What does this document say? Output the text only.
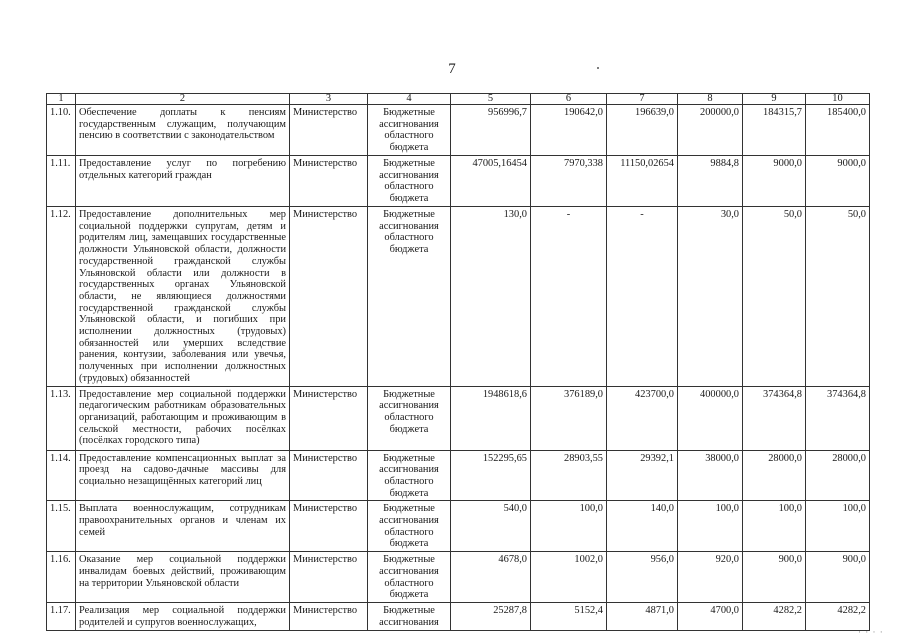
7
1	2	3	4	5	6	7	8	9	10
1.10.	Обеспечение доплаты к пенсиям государственным служащим, получающим пенсию в соответствии с законодательством	Министерство	Бюджетные ассигнования областного бюджета	956996,7	190642,0	196639,0	200000,0	184315,7	185400,0
1.11.	Предоставление услуг по погребению отдельных категорий граждан	Министерство	Бюджетные ассигнования областного бюджета	47005,16454	7970,338	11150,02654	9884,8	9000,0	9000,0
1.12.	Предоставление дополнительных мер социальной поддержки супругам, детям и родителям лиц, замещавших государственные должности Ульяновской области, должности государственной гражданской службы Ульяновской области или должности в государственных органах Ульяновской области, не являющиеся должностями государственной гражданской службы Ульяновской области, и погибших при исполнении должностных (трудовых) обязанностей или умерших вследствие ранения, контузии, заболевания или увечья, полученных при исполнении должностных (трудовых) обязанностей	Министерство	Бюджетные ассигнования областного бюджета	130,0	-	-	30,0	50,0	50,0
1.13.	Предоставление мер социальной поддержки педагогическим работникам образовательных организаций, работающим и проживающим в сельской местности, рабочих посёлках (посёлках городского типа)	Министерство	Бюджетные ассигнования областного бюджета	1948618,6	376189,0	423700,0	400000,0	374364,8	374364,8
1.14.	Предоставление компенсационных выплат за проезд на садово-дачные массивы для социально незащищённых категорий лиц	Министерство	Бюджетные ассигнования областного бюджета	152295,65	28903,55	29392,1	38000,0	28000,0	28000,0
1.15.	Выплата военнослужащим, сотрудникам правоохранительных органов и членам их семей	Министерство	Бюджетные ассигнования областного бюджета	540,0	100,0	140,0	100,0	100,0	100,0
1.16.	Оказание мер социальной поддержки инвалидам боевых действий, проживающим на территории Ульяновской области	Министерство	Бюджетные ассигнования областного бюджета	4678,0	1002,0	956,0	920,0	900,0	900,0
1.17.	Реализация мер социальной поддержки родителей и супругов военнослужащих,	Министерство	Бюджетные ассигнования	25287,8	5152,4	4871,0	4700,0	4282,2	4282,2
· · · ·
